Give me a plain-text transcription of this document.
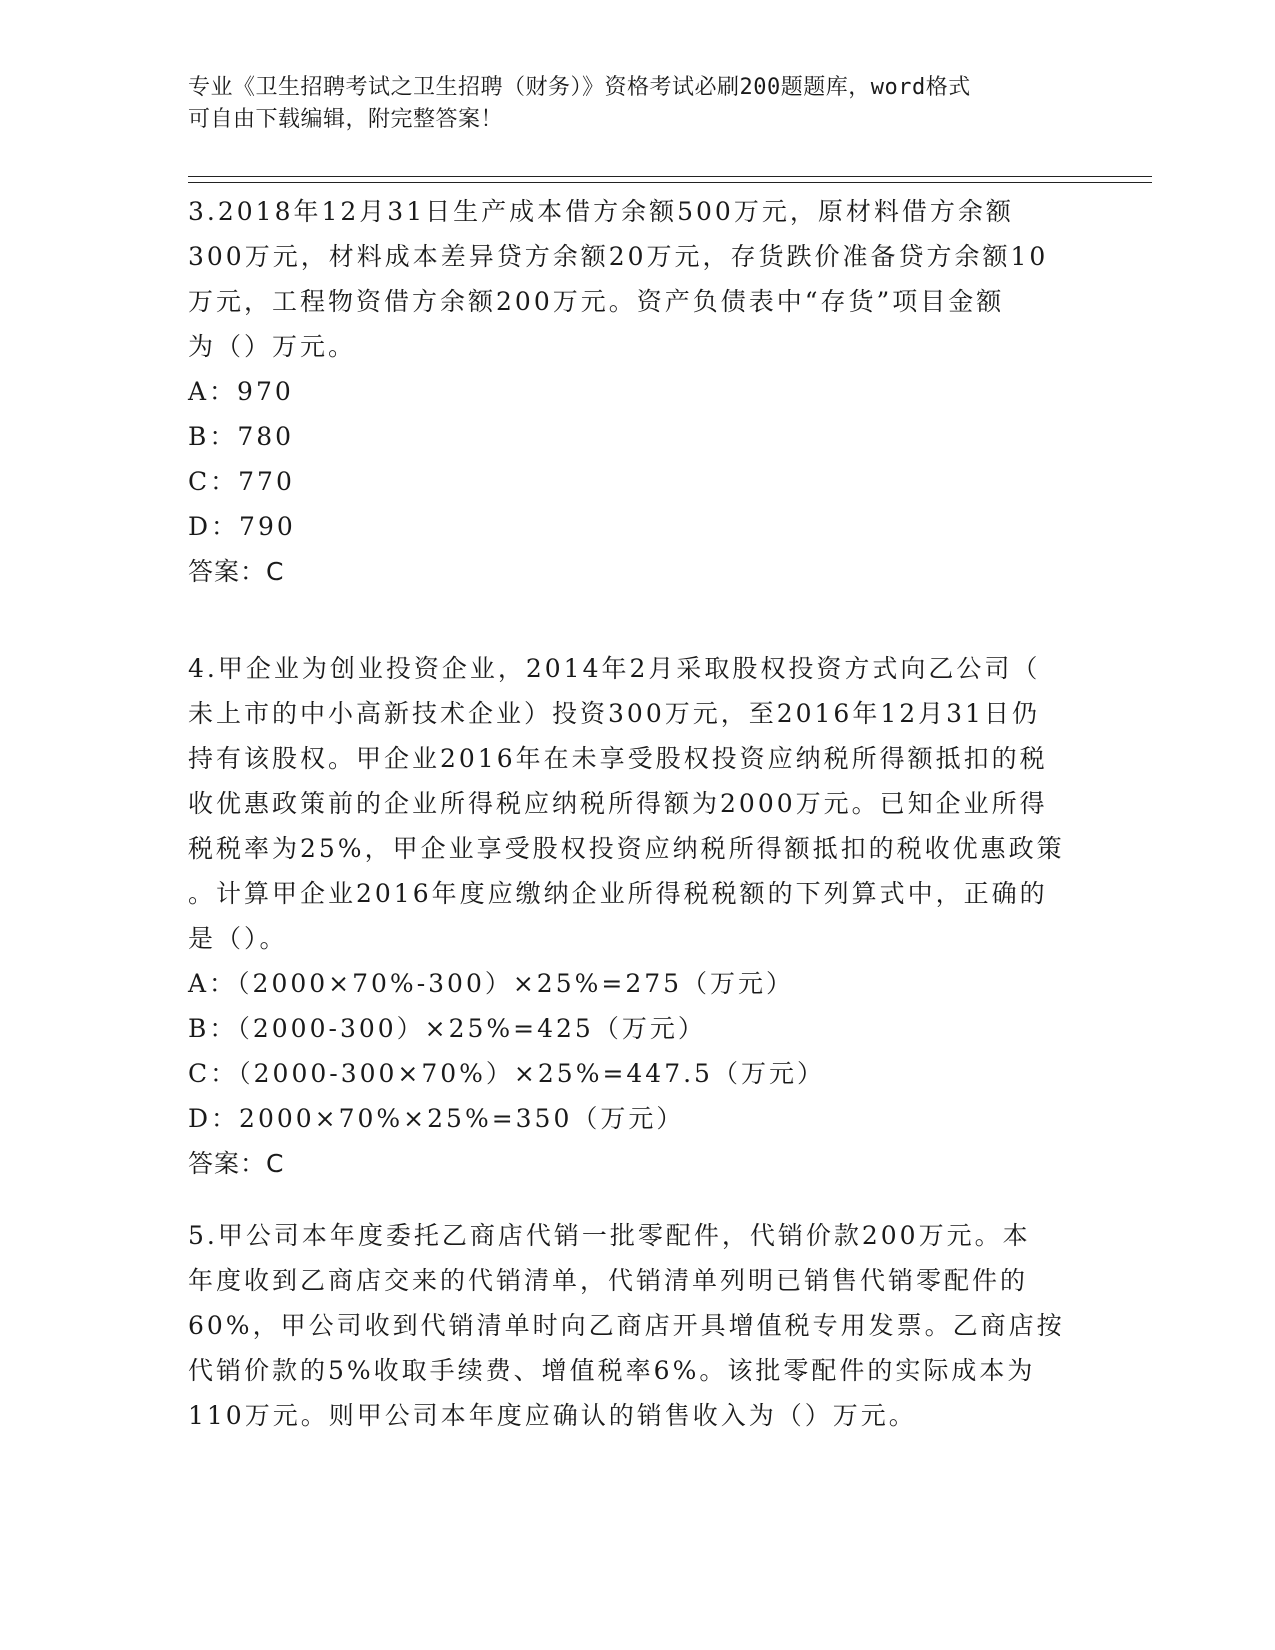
专业《卫生招聘考试之卫生招聘（财务）》资格考试必刷200题题库，word格式
可自由下载编辑，附完整答案！
3.2018年12月31日生产成本借方余额500万元，原材料借方余额
300万元，材料成本差异贷方余额20万元，存货跌价准备贷方余额10
万元，工程物资借方余额200万元。资产负债表中“存货”项目金额
为（）万元。
A：970
B：780
C：770
D：790
答案：C
4.甲企业为创业投资企业，2014年2月采取股权投资方式向乙公司（
未上市的中小高新技术企业）投资300万元，至2016年12月31日仍
持有该股权。甲企业2016年在未享受股权投资应纳税所得额抵扣的税
收优惠政策前的企业所得税应纳税所得额为2000万元。已知企业所得
税税率为25%，甲企业享受股权投资应纳税所得额抵扣的税收优惠政策
。计算甲企业2016年度应缴纳企业所得税税额的下列算式中，正确的
是（）。
A：（2000×70%-300）×25%=275（万元）
B：（2000-300）×25%=425（万元）
C：（2000-300×70%）×25%=447.5（万元）
D：2000×70%×25%=350（万元）
答案：C
5.甲公司本年度委托乙商店代销一批零配件，代销价款200万元。本
年度收到乙商店交来的代销清单，代销清单列明已销售代销零配件的
60%，甲公司收到代销清单时向乙商店开具增值税专用发票。乙商店按
代销价款的5%收取手续费、增值税率6%。该批零配件的实际成本为
110万元。则甲公司本年度应确认的销售收入为（）万元。
